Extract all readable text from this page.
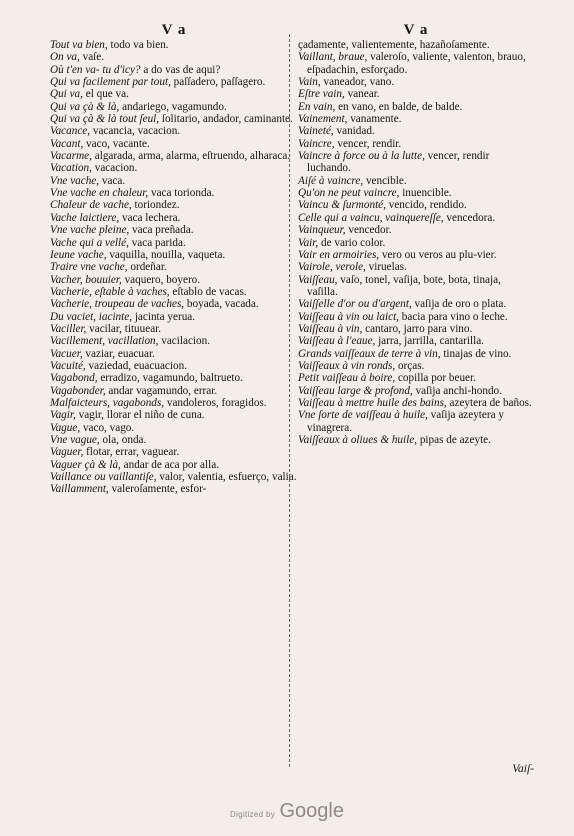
V a

Tout va bien, todo va bien.

On va, vaſe.

Où t'en va- tu d'icy? a do vas de aqui?

Qui va facilement par tout, paſſadero, paſſagero.

Qui va, el que va.

Qui va çà & là, andariego, vagamundo.

Qui va çà & là tout ſeul, ſolitario, andador, caminante.

Vacance, vacancia, vacacion.

Vacant, vaco, vacante.

Vacarme, algarada, arma, alarma, eſtruendo, alharaca.

Vacation, vacacion.

Vne vache, vaca.

Vne vache en chaleur, vaca torionda.

Chaleur de vache, toriondez.

Vache laictiere, vaca lechera.

Vne vache pleine, vaca preñada.

Vache qui a vellé, vaca parida.

Ieune vache, vaquilla, nouilla, vaqueta.

Traire vne vache, ordeñar.

Vacher, bouuier, vaquero, boyero.

Vacherie, eſtable à vaches, eſtablo de vacas.

Vacherie, troupeau de vaches, boyada, vacada.

Du vaciet, iacinte, jacinta yerua.

Vaciller, vacilar, tituuear.

Vacillement, vacillation, vacilacion.

Vacuer, vaziar, euacuar.

Vacuité, vaziedad, euacuacion.

Vagabond, erradizo, vagamundo, baltrueto.

Vagabonder, andar vagamundo, errar.

Malfaicteurs, vagabonds, vandoleros, foragidos.

Vagir, vagir, llorar el niño de cuna.

Vague, vaco, vago.

Vne vague, ola, onda.

Vaguer, flotar, errar, vaguear.

Vaguer çà & là, andar de aca por alla.

Vaillance ou vaillantiſe, valor, valentia, esfuerço, valia.

Vaillamment, valeroſamente, esfor-

V a

çadamente, valientemente, hazañoſamente.

Vaillant, braue, valeroſo, valiente, valenton, brauo, eſpadachin, esforçado.

Vain, vaneador, vano.

Eſtre vain, vanear.

En vain, en vano, en balde, de balde.

Vainement, vanamente.

Vaineté, vanidad.

Vaincre, vencer, rendir.

Vaincre à force ou à la lutte, vencer, rendir luchando.

Aiſé à vaincre, vencible.

Qu'on ne peut vaincre, inuencible.

Vaincu & ſurmonté, vencido, rendido.

Celle qui a vaincu, vainquereſſe, vencedora.

Vainqueur, vencedor.

Vair, de vario color.

Vair en armoiries, vero ou veros au plu-vier.

Vairole, verole, viruelas.

Vaiſſeau, vaſo, tonel, vaſija, bote, bota, tinaja, vaſilla.

Vaiſſelle d'or ou d'argent, vaſija de oro o plata.

Vaiſſeau à vin ou laict, bacia para vino o leche.

Vaiſſeau à vin, cantaro, jarro para vino.

Vaiſſeau à l'eaue, jarra, jarrilla, cantarilla.

Grands vaiſſeaux de terre à vin, tinajas de vino.

Vaiſſeaux à vin ronds, orças.

Petit vaiſſeau à boire, copilla por beuer.

Vaiſſeau large & profond, vaſija anchi-hondo.

Vaiſſeau à mettre huile des bains, azeytera de baños.

Vne ſorte de vaiſſeau à huile, vaſija azeytera y vinagrera.

Vaiſſeaux à oliues & huile, pipas de azeyte.

Vaiſ-
Digitized by Google
